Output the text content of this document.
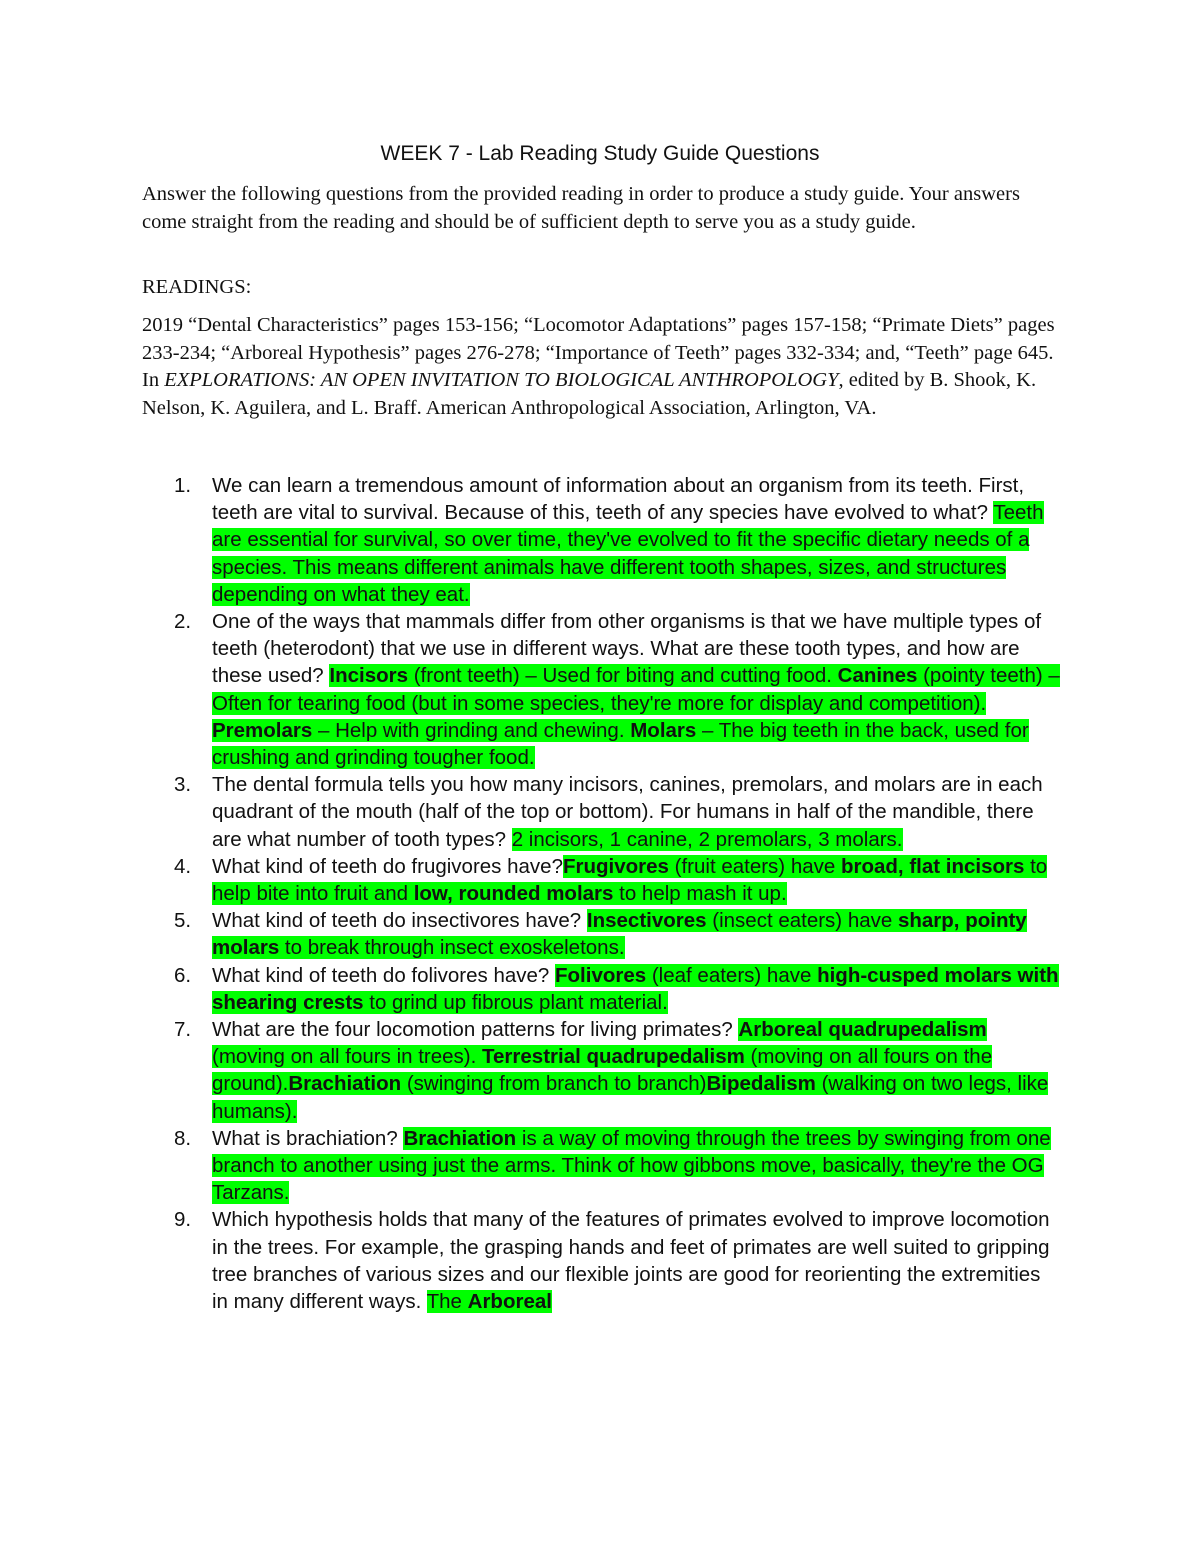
WEEK 7 - Lab Reading Study Guide Questions

Answer the following questions from the provided reading in order to produce a study guide. Your answers come straight from the reading and should be of sufficient depth to serve you as a study guide.

READINGS:

2019 “Dental Characteristics” pages 153-156; “Locomotor Adaptations” pages 157-158; “Primate Diets” pages 233-234; “Arboreal Hypothesis” pages 276-278; “Importance of Teeth” pages 332-334; and, “Teeth” page 645. In EXPLORATIONS: AN OPEN INVITATION TO BIOLOGICAL ANTHROPOLOGY, edited by B. Shook, K. Nelson, K. Aguilera, and L. Braff. American Anthropological Association, Arlington, VA.

1. We can learn a tremendous amount of information about an organism from its teeth. First, teeth are vital to survival. Because of this, teeth of any species have evolved to what? Teeth are essential for survival, so over time, they've evolved to fit the specific dietary needs of a species. This means different animals have different tooth shapes, sizes, and structures depending on what they eat.
2. One of the ways that mammals differ from other organisms is that we have multiple types of teeth (heterodont) that we use in different ways. What are these tooth types, and how are these used? Incisors (front teeth) – Used for biting and cutting food. Canines (pointy teeth) – Often for tearing food (but in some species, they're more for display and competition). Premolars – Help with grinding and chewing. Molars – The big teeth in the back, used for crushing and grinding tougher food.
3. The dental formula tells you how many incisors, canines, premolars, and molars are in each quadrant of the mouth (half of the top or bottom). For humans in half of the mandible, there are what number of tooth types? 2 incisors, 1 canine, 2 premolars, 3 molars.
4. What kind of teeth do frugivores have?Frugivores (fruit eaters) have broad, flat incisors to help bite into fruit and low, rounded molars to help mash it up.
5. What kind of teeth do insectivores have? Insectivores (insect eaters) have sharp, pointy molars to break through insect exoskeletons.
6. What kind of teeth do folivores have? Folivores (leaf eaters) have high-cusped molars with shearing crests to grind up fibrous plant material.
7. What are the four locomotion patterns for living primates? Arboreal quadrupedalism (moving on all fours in trees). Terrestrial quadrupedalism (moving on all fours on the ground).Brachiation (swinging from branch to branch)Bipedalism (walking on two legs, like humans).
8. What is brachiation? Brachiation is a way of moving through the trees by swinging from one branch to another using just the arms. Think of how gibbons move, basically, they're the OG Tarzans.
9. Which hypothesis holds that many of the features of primates evolved to improve locomotion in the trees. For example, the grasping hands and feet of primates are well suited to gripping tree branches of various sizes and our flexible joints are good for reorienting the extremities in many different ways. The Arboreal
